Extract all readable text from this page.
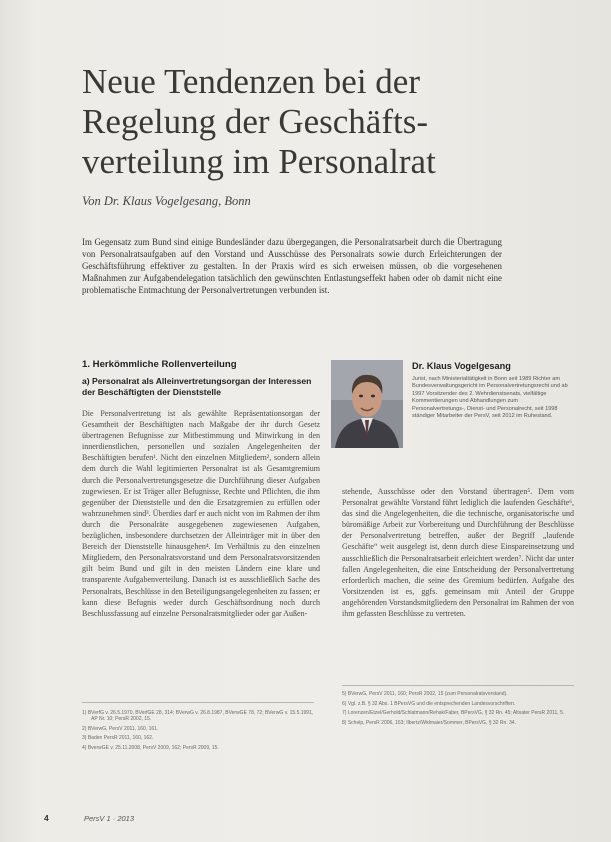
Neue Tendenzen bei der
Regelung der Geschäfts-
verteilung im Personalrat
Von Dr. Klaus Vogelgesang, Bonn

Im Gegensatz zum Bund sind einige Bundesländer dazu übergegangen, die Personalratsarbeit durch die Übertragung von Personalratsaufgaben auf den Vorstand und Ausschüsse des Personalrats sowie durch Erleichterungen der Geschäftsführung effektiver zu gestalten. In der Praxis wird es sich erweisen müssen, ob die vorgesehenen Maßnahmen zur Aufgabendelegation tatsächlich den gewünschten Entlastungseffekt haben oder ob damit nicht eine problematische Entmachtung der Personalvertretungen verbunden ist.

1. Herkömmliche Rollenverteilung
a) Personalrat als Alleinvertretungsorgan der Interessen der Beschäftigten der Dienststelle
Die Personalvertretung ist als gewählte Repräsentationsorgan der Gesamtheit der Beschäftigten nach Maßgabe der ihr durch Gesetz übertragenen Befugnisse zur Mitbestimmung und Mitwirkung in den innerdienstlichen, personellen und sozialen Angelegenheiten der Beschäftigten berufen¹. Nicht den einzelnen Mitgliedern², sondern allein dem durch die Wahl legitimierten Personalrat ist als Gesamtgremium durch die Personalvertretungsgesetze die Durchführung dieser Aufgaben zugewiesen. Er ist Träger aller Befugnisse, Rechte und Pflichten, die ihm gegenüber der Dienststelle und den die Ersatzgremien zu erfüllen oder wahrzunehmen sind³. Überdies darf er auch nicht von im Rahmen der ihm durch die Personalräte ausgegebenen zugewiesenen Aufgaben, bezüglichen, insbesondere durchsetzen der Alleinträger mit in über den Bereich der Dienststelle hinausgehen⁴. Im Verhältnis zu den einzelnen Mitgliedern, den Personalratsvorstand und dem Personalratsvorsitzenden gilt beim Bund und gilt in den meisten Ländern eine klare und transparente Aufgabenverteilung. Danach ist es ausschließlich Sache des Personalrats, Beschlüsse in den Beteiligungsangelegenheiten zu fassen; er kann diese Befugnis weder durch Geschäftsordnung noch durch Beschlussfassung auf einzelne Personalratsmitglieder oder gar Außen-
Dr. Klaus Vogelgesang
Jurist, nach Ministerialtätigkeit in Bonn seit 1989 Richter am Bundesverwaltungsgericht im Personalvertretungsrecht und ab 1997 Vorsitzender des 2. Wehrdienstsenats, vielfältige Kommentierungen und Abhandlungen zum Personalvertretungs-, Dienst- und Personalrecht, seit 1998 ständiger Mitarbeiter der PersV, seit 2012 im Ruhestand.
stehende, Ausschüsse oder den Vorstand übertragen⁵. Dem vom Personalrat gewählte Vorstand führt lediglich die laufenden Geschäfte⁶, das sind die Angelegenheiten, die die technische, organisatorische und büromäßige Arbeit zur Vorbereitung und Durchführung der Beschlüsse der Personalvertretung betreffen, außer der Begriff „laufende Geschäfte“ weit ausgelegt ist, denn durch diese Einspareinsetzung und ausschließlich die Personalratsarbeit erleichtert werden⁷. Nicht dar unter fallen Angelegenheiten, die eine Entscheidung der Personalvertretung erforderlich machen, die seine des Gremium bedürfen. Aufgabe des Vorsitzenden ist es, ggfs. gemeinsam mit Anteil der Gruppe angehörenden Vorstandsmitgliedern den Personalrat im Rahmen der von ihm gefassten Beschlüsse zu vertreten.
1) BVerfG v. 26.5.1970, BVerfGE 28, 314; BVerwG v. 26.8.1987, BVerwGE 78, 72; BVerwG v. 15.5.1991, AP Nr. 10; PersR 2002, 15.
2) BVerwG, PersV 2011, 160, 161.
3) Baden PersR 2011, 160, 162.
4) BverwGE v. 25.11.2008, PersV 2009, 162; PersR 2009, 15.
5) BVerwG, PersV 2011, 160; PersR 2002, 15 (zum Personalratsvorstand).
6) Vgl. z.B. § 32 Abs. 1 BPersVG und die entsprechenden Landesvorschriften.
7) Lorenzen/Etzel/Gerhold/Schlatmann/Rehak/Faber, BPersVG, § 32 Rn. 45; Altvater PersR 2011, 5.
8) Schelp, PersR 2006, 163; Ilbertz/Widmaier/Sommer, BPersVG, § 32 Rn. 34.
4	PersV 1 · 2013
